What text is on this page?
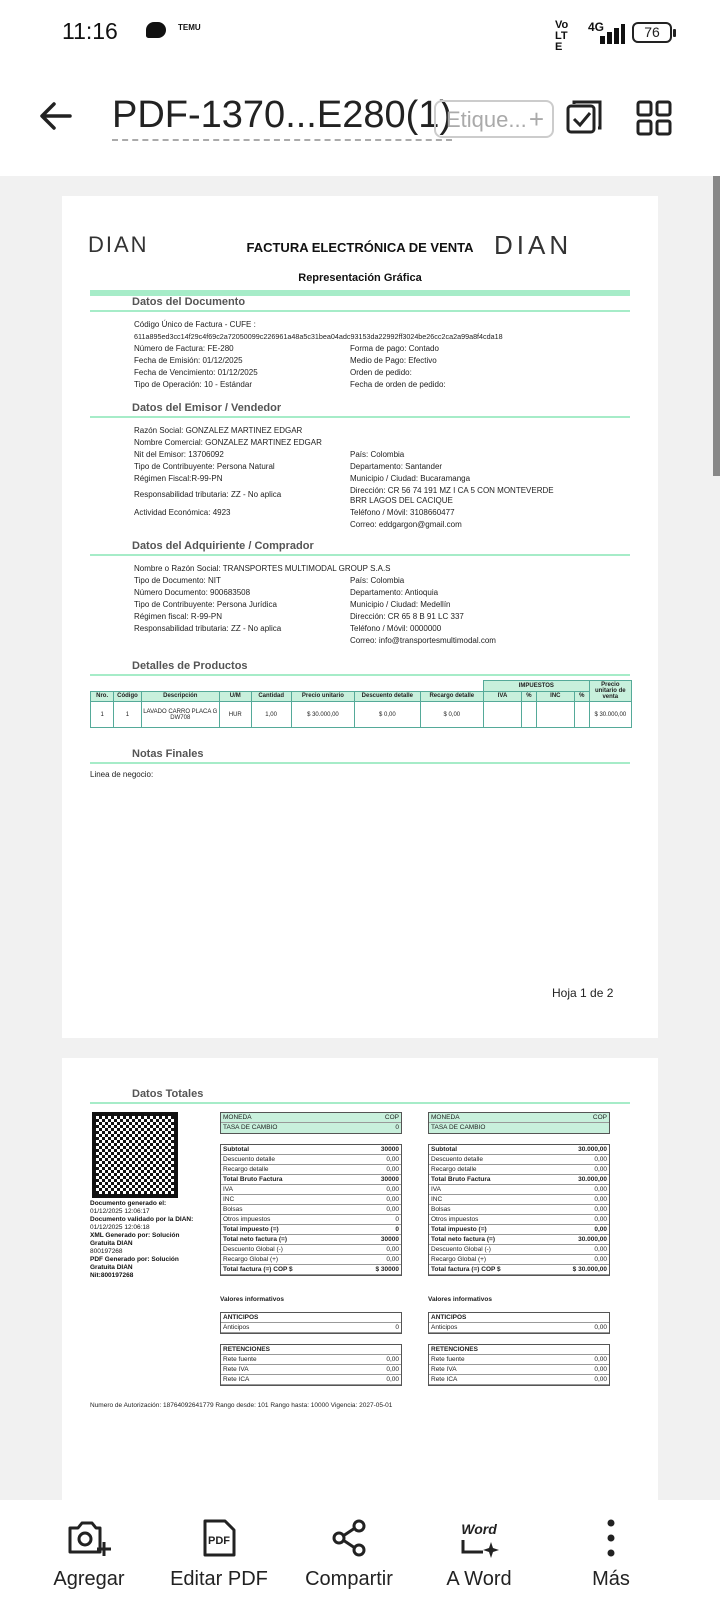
11:16	TEMU	Vo LTE
4G	76
PDF-1370...E280(1)
Etique... +
DIAN	DIAN
FACTURA ELECTRÓNICA DE VENTA
Representación Gráfica
Datos del Documento
Código Único de Factura - CUFE :
611a895ed3cc14f29c4f69c2a72050099c226961a48a5c31bea04adc93153da22992ff3024be26cc2ca2a99a8f4cda18
Número de Factura: FE-280
Fecha de Emisión: 01/12/2025
Fecha de Vencimiento: 01/12/2025
Tipo de Operación: 10 - Estándar
Forma de pago: Contado
Medio de Pago: Efectivo
Orden de pedido:
Fecha de orden de pedido:
Datos del Emisor / Vendedor
Razón Social: GONZALEZ MARTINEZ EDGAR
Nombre Comercial: GONZALEZ MARTINEZ EDGAR
Nit del Emisor: 13706092
Tipo de Contribuyente: Persona Natural
Régimen Fiscal:R-99-PN
Responsabilidad tributaria: ZZ - No aplica
Actividad Económica: 4923
País: Colombia
Departamento: Santander
Municipio / Ciudad: Bucaramanga
Dirección: CR 56 74 191 MZ I CA 5 CON MONTEVERDE
BRR LAGOS DEL CACIQUE
Teléfono / Móvil: 3108660477
Correo: eddgargon@gmail.com
Datos del Adquiriente / Comprador
Nombre o Razón Social: TRANSPORTES MULTIMODAL GROUP S.A.S
Tipo de Documento: NIT
Número Documento: 900683508
Tipo de Contribuyente: Persona Jurídica
Régimen fiscal: R-99-PN
Responsabilidad tributaria: ZZ - No aplica
País: Colombia
Departamento: Antioquia
Municipio / Ciudad: Medellín
Dirección: CR 65 8 B 91 LC 337
Teléfono / Móvil: 0000000
Correo: info@transportesmultimodal.com
Detalles de Productos
								IMPUESTOS				Precio unitario de venta
Nro.	Código	Descripción	U/M	Cantidad	Precio unitario	Descuento detalle	Recargo detalle	IVA	%	INC	%	
1	1	LAVADO CARRO PLACA G DW708	HUR	1,00	$ 30.000,00	$ 0,00	$ 0,00					$ 30.000,00
Notas Finales
Linea de negocio:
Hoja 1 de 2
Datos Totales
Documento generado el:
01/12/2025 12:06:17
Documento validado por la DIAN:
01/12/2025 12:06:18
XML Generado por: Solución Gratuita DIAN
800197268
PDF Generado por: Solución Gratuita DIAN
Nit:800197268
MONEDA	COP
TASA DE CAMBIO	0
Subtotal	30000
Descuento detalle	0,00
Recargo detalle	0,00
Total Bruto Factura	30000
IVA	0,00
INC	0,00
Bolsas	0,00
Otros impuestos	0
Total impuesto (=)	0
Total neto factura (=)	30000
Descuento Global (-)	0,00
Recargo Global (+)	0,00
Total factura (=) COP $	$ 30000
Valores informativos
ANTICIPOS
Anticipos	0
RETENCIONES
Rete fuente	0,00
Rete IVA	0,00
Rete ICA	0,00
MONEDA	COP
TASA DE CAMBIO
Subtotal	30.000,00
Descuento detalle	0,00
Recargo detalle	0,00
Total Bruto Factura	30.000,00
IVA	0,00
INC	0,00
Bolsas	0,00
Otros impuestos	0,00
Total impuesto (=)	0,00
Total neto factura (=)	30.000,00
Descuento Global (-)	0,00
Recargo Global (+)	0,00
Total factura (=) COP $	$ 30.000,00
Valores informativos
ANTICIPOS
Anticipos	0,00
RETENCIONES
Rete fuente	0,00
Rete IVA	0,00
Rete ICA	0,00
Numero de Autorización: 18764092641779 Rango desde: 101 Rango hasta: 10000 Vigencia: 2027-05-01
Agregar
PDF
Editar PDF	Compartir
Word
A Word	Más
